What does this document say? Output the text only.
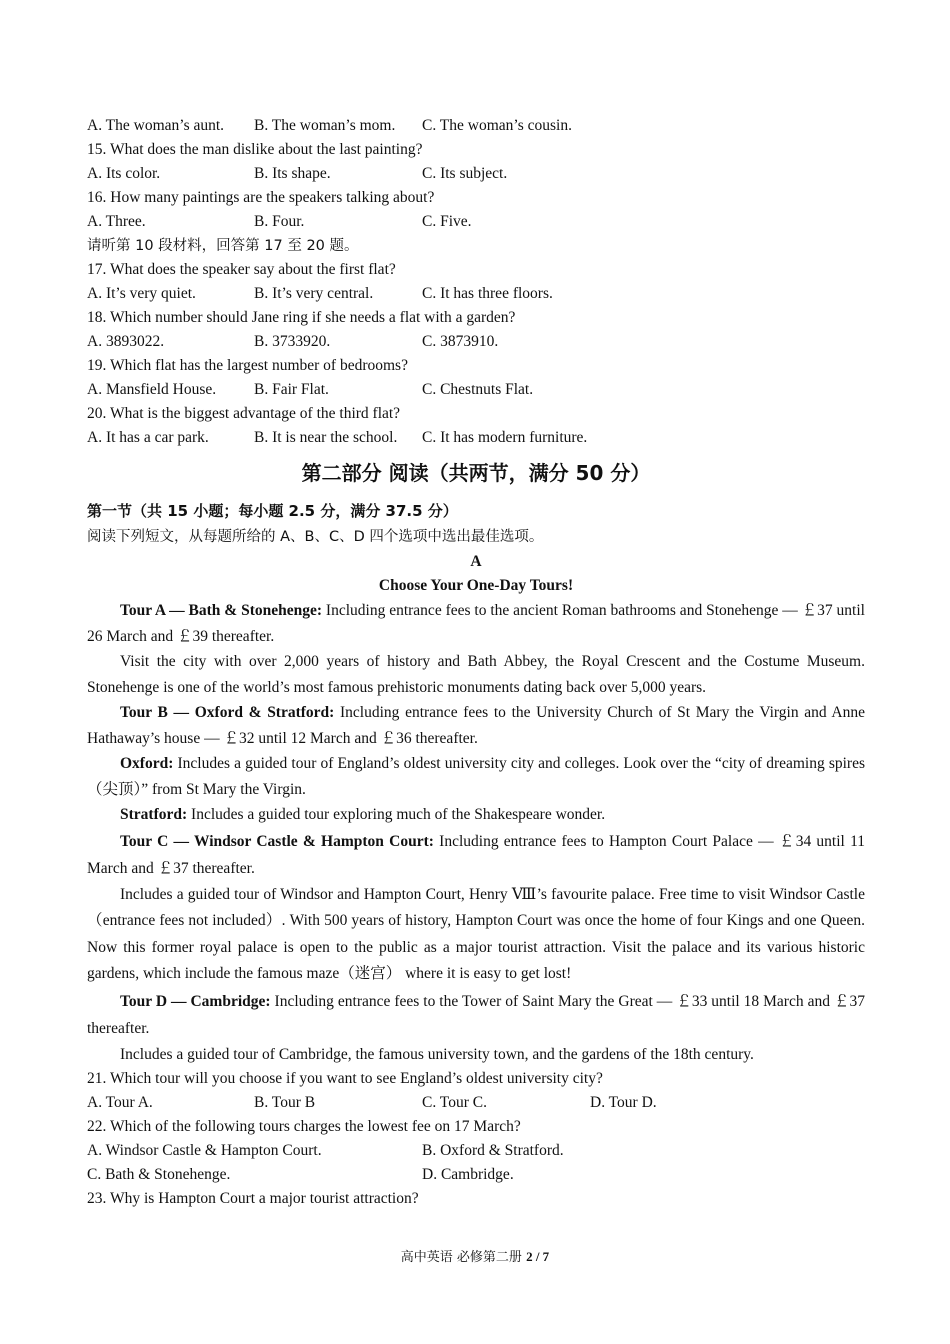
A. The woman’s aunt.	B. The woman’s mom.	C. The woman’s cousin.
15. What does the man dislike about the last painting?
A. Its color.	B. Its shape.	C. Its subject.
16. How many paintings are the speakers talking about?
A. Three.	B. Four.	C. Five.
请听第 10 段材料，回答第 17 至 20 题。
17. What does the speaker say about the first flat?
A. It’s very quiet.	B. It’s very central.	C. It has three floors.
18. Which number should Jane ring if she needs a flat with a garden?
A. 3893022.	B. 3733920.	C. 3873910.
19. Which flat has the largest number of bedrooms?
A. Mansfield House.	B. Fair Flat.	C. Chestnuts Flat.
20. What is the biggest advantage of the third flat?
A. It has a car park.	B. It is near the school.	C. It has modern furniture.
第二部分 阅读（共两节，满分 50 分）
第一节（共 15 小题；每小题 2.5 分，满分 37.5 分）
阅读下列短文，从每题所给的 A、B、C、D 四个选项中选出最佳选项。
A
Choose Your One-Day Tours!

Tour A — Bath & Stonehenge: Including entrance fees to the ancient Roman bathrooms and Stonehenge — ￡37 until 26 March and ￡39 thereafter.

Visit the city with over 2,000 years of history and Bath Abbey, the Royal Crescent and the Costume Museum. Stonehenge is one of the world’s most famous prehistoric monuments dating back over 5,000 years.

Tour B — Oxford & Stratford: Including entrance fees to the University Church of St Mary the Virgin and Anne Hathaway’s house — ￡32 until 12 March and ￡36 thereafter.

Oxford: Includes a guided tour of England’s oldest university city and colleges. Look over the “city of dreaming spires（尖顶）” from St Mary the Virgin.

Stratford: Includes a guided tour exploring much of the Shakespeare wonder.

Tour C — Windsor Castle & Hampton Court: Including entrance fees to Hampton Court Palace — ￡34 until 11 March and ￡37 thereafter.

Includes a guided tour of Windsor and Hampton Court, Henry Ⅷ’s favourite palace. Free time to visit Windsor Castle（entrance fees not included）. With 500 years of history, Hampton Court was once the home of four Kings and one Queen. Now this former royal palace is open to the public as a major tourist attraction. Visit the palace and its various historic gardens, which include the famous maze（迷宫） where it is easy to get lost!

Tour D — Cambridge: Including entrance fees to the Tower of Saint Mary the Great — ￡33 until 18 March and ￡37 thereafter.

Includes a guided tour of Cambridge, the famous university town, and the gardens of the 18th century.

21. Which tour will you choose if you want to see England’s oldest university city?
A. Tour A.	B. Tour B	C. Tour C.	D. Tour D.
22. Which of the following tours charges the lowest fee on 17 March?
A. Windsor Castle & Hampton Court.	B. Oxford & Stratford.
C. Bath & Stonehenge.	D. Cambridge.
23. Why is Hampton Court a major tourist attraction?
高中英语 必修第二册 2 / 7
